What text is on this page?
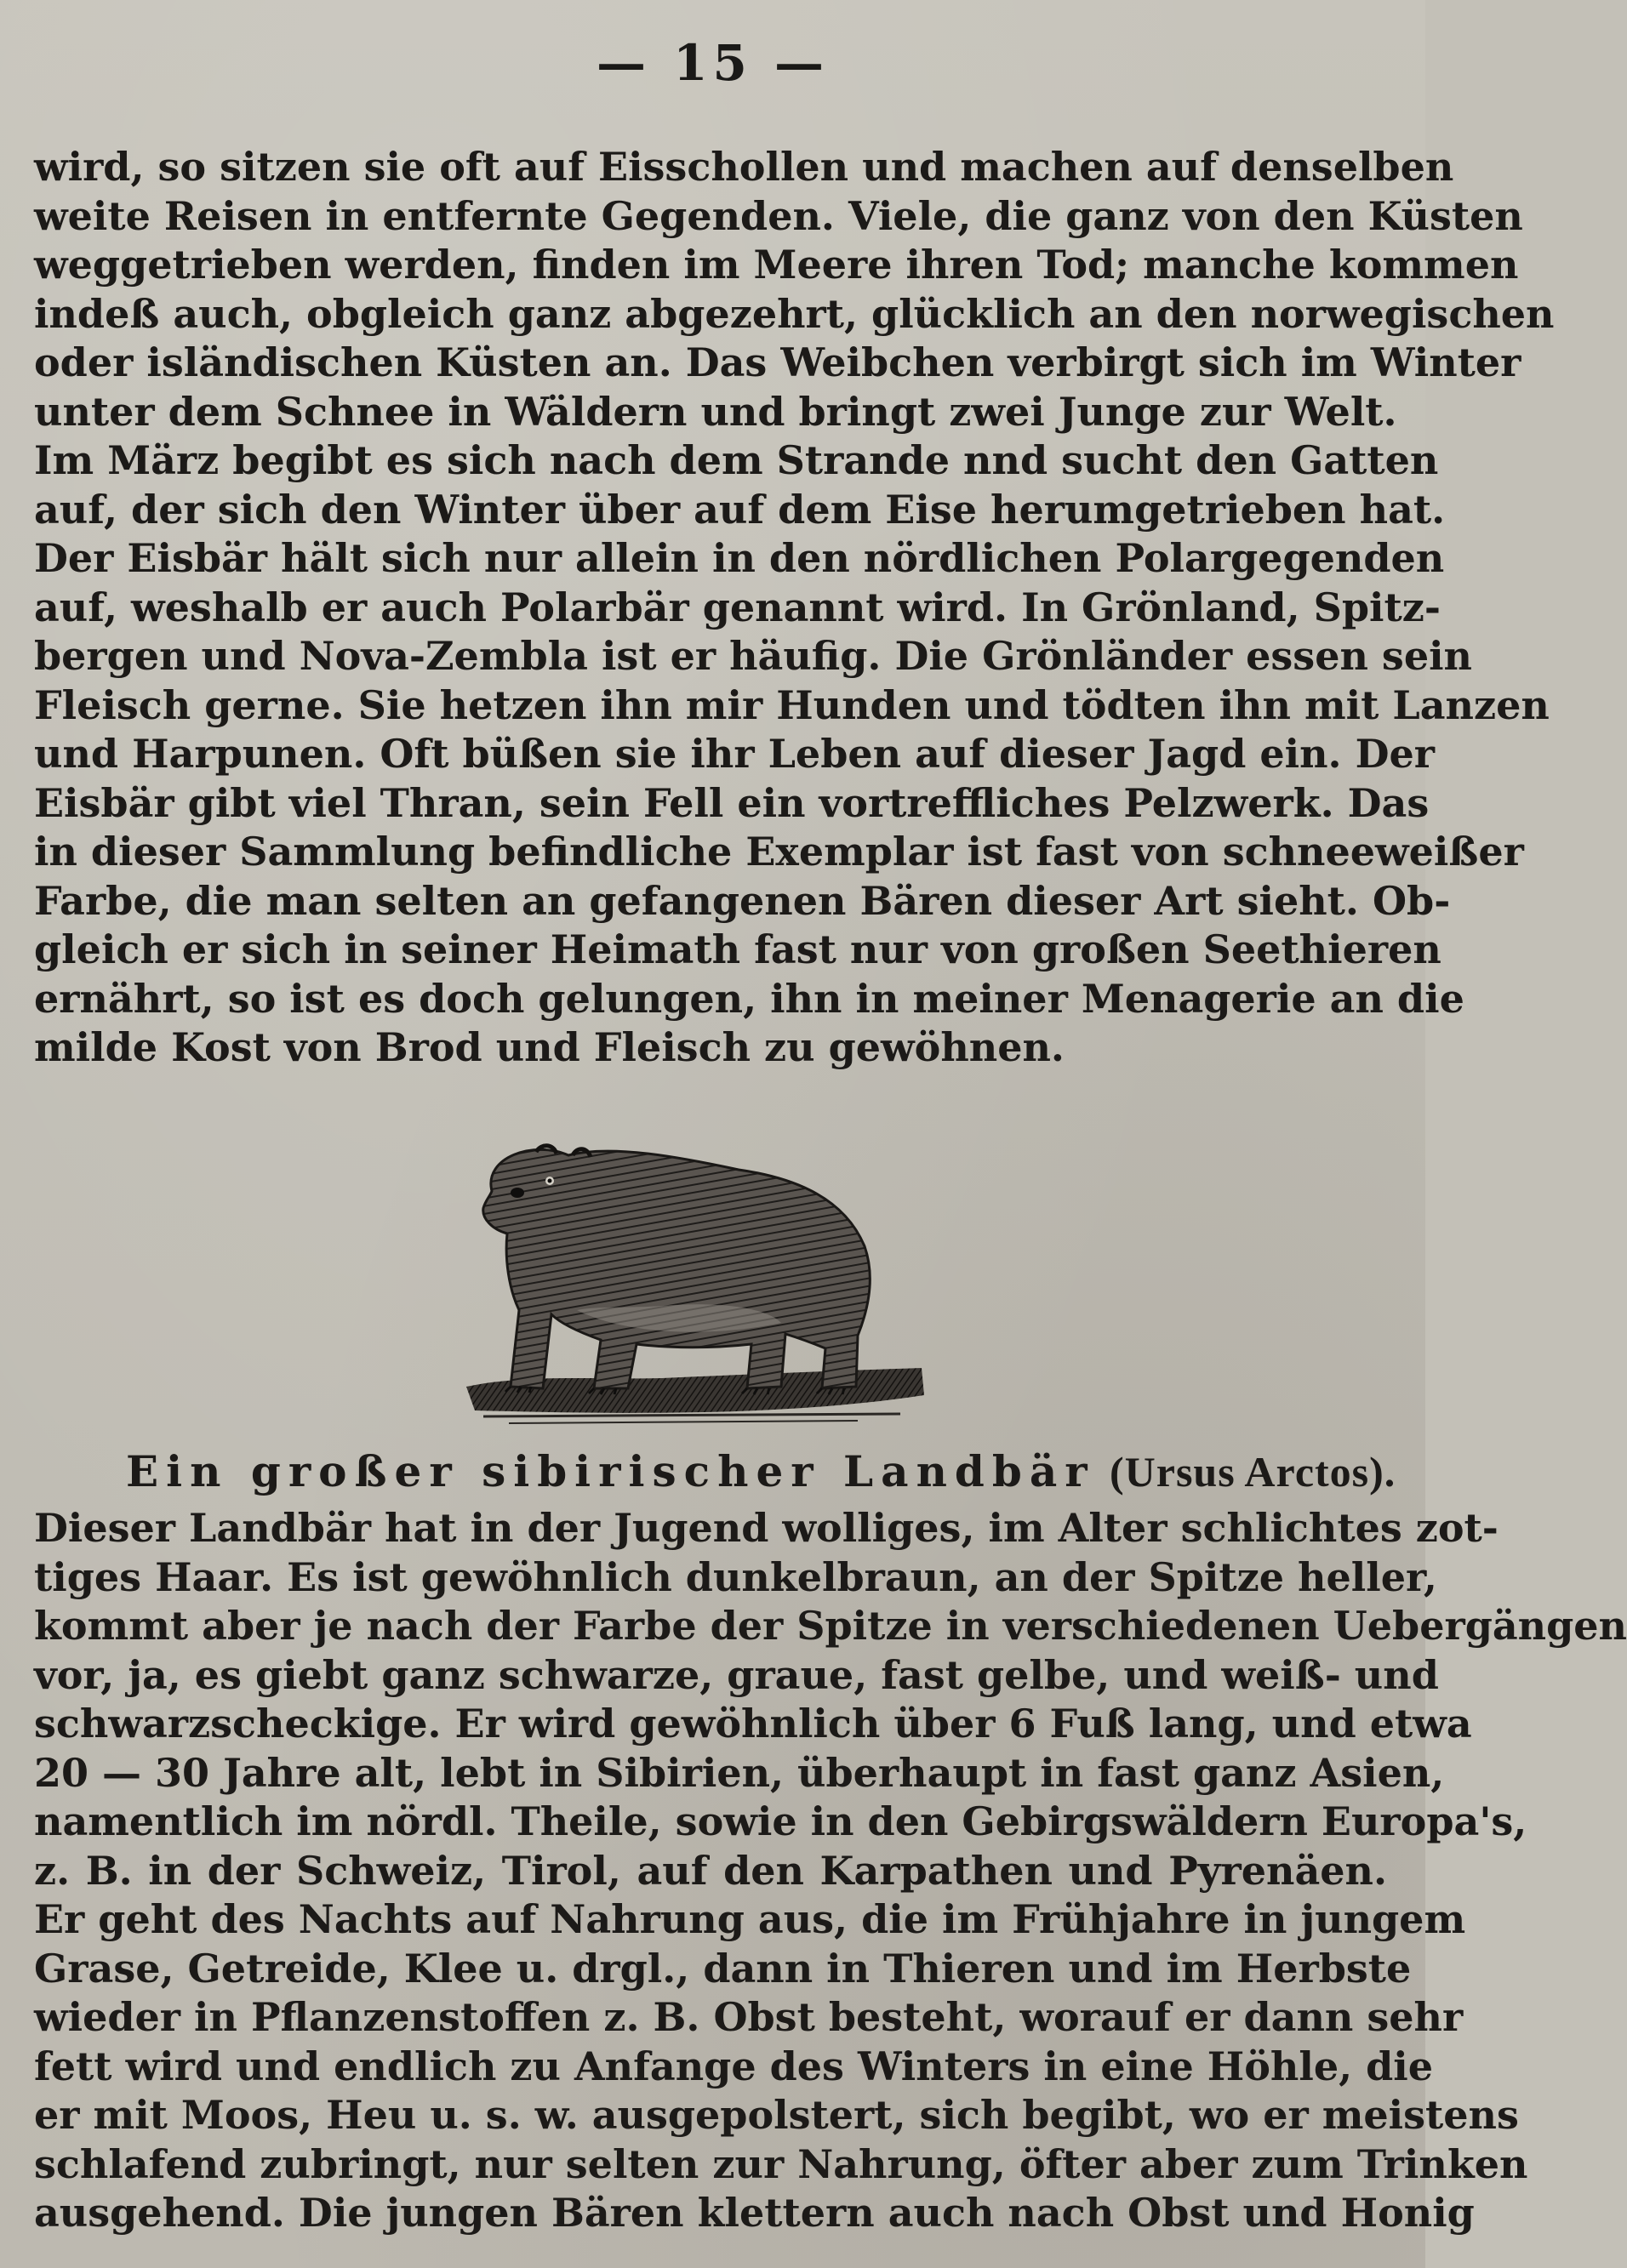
— 15 —
wird, so sitzen sie oft auf Eisschollen und machen auf denselben
weite Reisen in entfernte Gegenden. Viele, die ganz von den Küsten
weggetrieben werden, finden im Meere ihren Tod; manche kommen
indeß auch, obgleich ganz abgezehrt, glücklich an den norwegischen
oder isländischen Küsten an. Das Weibchen verbirgt sich im Winter
unter dem Schnee in Wäldern und bringt zwei Junge zur Welt.
Im März begibt es sich nach dem Strande nnd sucht den Gatten
auf, der sich den Winter über auf dem Eise herumgetrieben hat.
Der Eisbär hält sich nur allein in den nördlichen Polargegenden
auf, weshalb er auch Polarbär genannt wird. In Grönland, Spitz-
bergen und Nova-Zembla ist er häufig. Die Grönländer essen sein
Fleisch gerne. Sie hetzen ihn mir Hunden und tödten ihn mit Lanzen
und Harpunen. Oft büßen sie ihr Leben auf dieser Jagd ein. Der
Eisbär gibt viel Thran, sein Fell ein vortreffliches Pelzwerk. Das
in dieser Sammlung befindliche Exemplar ist fast von schneeweißer
Farbe, die man selten an gefangenen Bären dieser Art sieht. Ob-
gleich er sich in seiner Heimath fast nur von großen Seethieren
ernährt, so ist es doch gelungen, ihn in meiner Menagerie an die
milde Kost von Brod und Fleisch zu gewöhnen.
Ein großer sibirischer Landbär (Ursus Arctos).
Dieser Landbär hat in der Jugend wolliges, im Alter schlichtes zot-
tiges Haar. Es ist gewöhnlich dunkelbraun, an der Spitze heller,
kommt aber je nach der Farbe der Spitze in verschiedenen Uebergängen
vor, ja, es giebt ganz schwarze, graue, fast gelbe, und weiß- und
schwarzscheckige. Er wird gewöhnlich über 6 Fuß lang, und etwa
20 — 30 Jahre alt, lebt in Sibirien, überhaupt in fast ganz Asien,
namentlich im nördl. Theile, sowie in den Gebirgswäldern Europa's,
z. B. in der Schweiz, Tirol, auf den Karpathen und Pyrenäen.
Er geht des Nachts auf Nahrung aus, die im Frühjahre in jungem
Grase, Getreide, Klee u. drgl., dann in Thieren und im Herbste
wieder in Pflanzenstoffen z. B. Obst besteht, worauf er dann sehr
fett wird und endlich zu Anfange des Winters in eine Höhle, die
er mit Moos, Heu u. s. w. ausgepolstert, sich begibt, wo er meistens
schlafend zubringt, nur selten zur Nahrung, öfter aber zum Trinken
ausgehend. Die jungen Bären klettern auch nach Obst und Honig
